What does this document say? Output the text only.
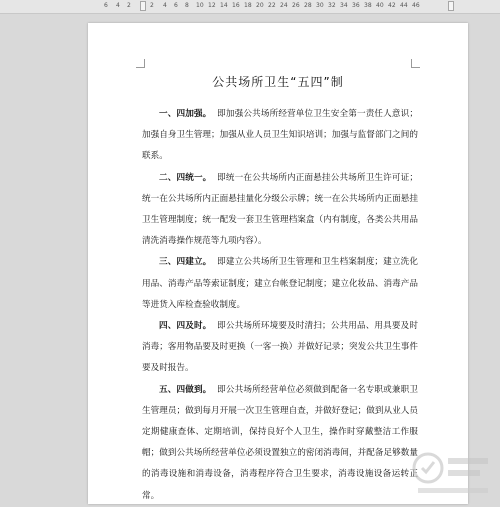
6 4 2	2 4 6 8 10 12 14 16 18 20 22 24 26 28 30 32 34 36 38 40 42 44 46
公共场所卫生“五四”制

一、四加强。 即加强公共场所经营单位卫生安全第一责任人意识；加强自身卫生管理；加强从业人员卫生知识培训；加强与监督部门之间的联系。

二、四统一。 即统一在公共场所内正面悬挂公共场所卫生许可证；统一在公共场所内正面悬挂量化分级公示牌；统一在公共场所内正面悬挂卫生管理制度；统一配发一套卫生管理档案盒（内有制度，各类公共用品清洗消毒操作规范等九项内容）。

三、四建立。 即建立公共场所卫生管理和卫生档案制度；建立洗化用品、消毒产品等索证制度；建立台帐登记制度；建立化妆品、消毒产品等进货入库检查验收制度。

四、四及时。 即公共场所环境要及时清扫；公共用品、用具要及时消毒；客用物品要及时更换（一客一换）并做好记录；突发公共卫生事件要及时报告。

五、四做到。 即公共场所经营单位必须做到配备一名专职或兼职卫生管理员；做到每月开展一次卫生管理自查，并做好登记；做到从业人员定期健康查体、定期培训，保持良好个人卫生，操作时穿戴整洁工作服帽；做到公共场所经营单位必须设置独立的密闭消毒间，并配备足够数量的消毒设施和消毒设备，消毒程序符合卫生要求，消毒设施设备运转正常。
